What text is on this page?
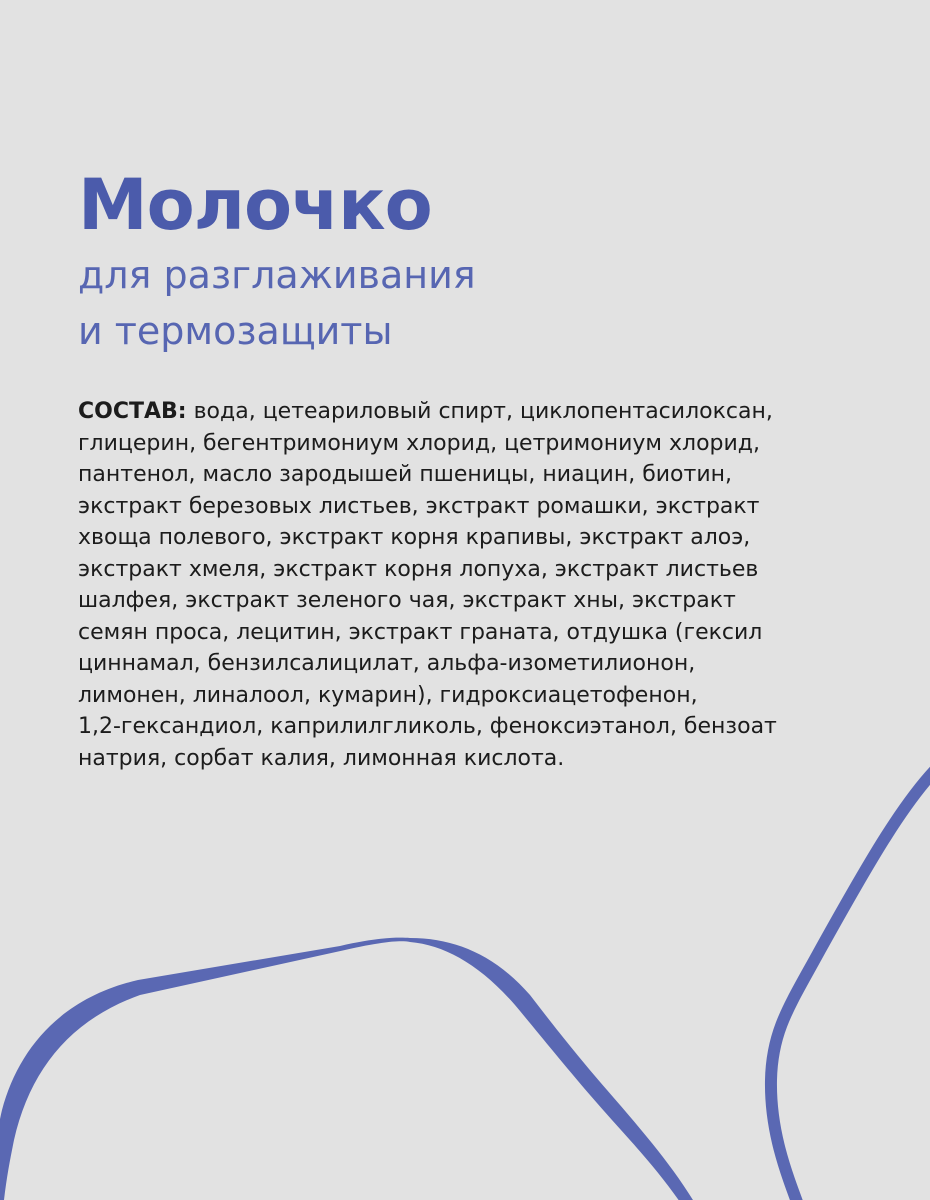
Молочко
для разглаживания
и термозащиты

СОСТАВ: вода, цетеариловый спирт, циклопентасилоксан,
глицерин, бегентримониум хлорид, цетримониум хлорид,
пантенол, масло зародышей пшеницы, ниацин, биотин,
экстракт березовых листьев, экстракт ромашки, экстракт
хвоща полевого, экстракт корня крапивы, экстракт алоэ,
экстракт хмеля, экстракт корня лопуха, экстракт листьев
шалфея, экстракт зеленого чая, экстракт хны, экстракт
семян проса, лецитин, экстракт граната, отдушка (гексил
циннамал, бензилсалицилат, альфа-изометилионон,
лимонен, линалоол, кумарин), гидроксиацетофенон,
1,2-гександиол, каприлилгликоль, феноксиэтанол, бензоат
натрия, сорбат калия, лимонная кислота.
